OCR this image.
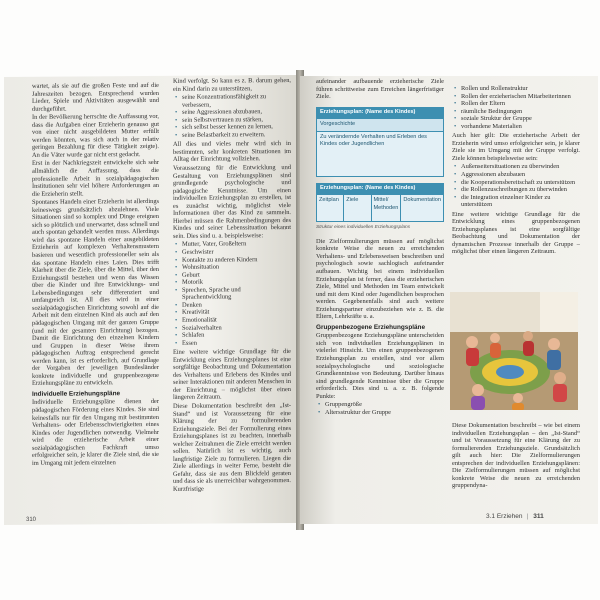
wartet, als sie auf die großen Feste und auf die Jahreszeiten bezogen. Entsprechend wurden Lieder, Spiele und Aktivitäten ausgewählt und durchgeführt.

In der Bevölkerung herrschte die Auffassung vor, dass die Aufgaben einer Erzieherin genauso gut von einer nicht ausgebildeten Mutter erfüllt werden könnten, was sich auch in der relativ geringen Bezahlung für diese Tätigkeit zeigte). An die Väter wurde gar nicht erst gedacht.

Erst in der Nachkriegszeit entwickelte sich sehr allmählich die Auffassung, dass die professionelle Arbeit in sozialpädagogischen Institutionen sehr viel höhere Anforderungen an die Erzieherin stellt.

Spontanes Handeln einer Erzieherin ist allerdings keineswegs grundsätzlich abzulehnen. Viele Situationen sind so komplex und Dinge ereignen sich so plötzlich und unerwartet, dass schnell und auch spontan gehandelt werden muss. Allerdings wird das spontane Handeln einer ausgebildeten Erzieherin auf komplexen Verhaltensmustern basieren und wesentlich professioneller sein als das spontane Handeln eines Laien. Dies trifft Klarheit über die Ziele, über die Mittel, über den Erziehungsstil bestehen und wenn das Wissen über die Kinder und ihre Entwicklungs- und Lebensbedingungen sehr differenziert und umfangreich ist. All dies wird in einer sozialpädagogischen Einrichtung sowohl auf die Arbeit mit dem einzelnen Kind als auch auf den pädagogischen Umgang mit der ganzen Gruppe (und mit der gesamten Einrichtung) bezogen. Damit die Einrichtung den einzelnen Kindern und Gruppen in dieser Weise ihrem pädagogischen Auftrag entsprechend gerecht werden kann, ist es erforderlich, auf Grundlage der Vorgaben der jeweiligen Bundesländer konkrete individuelle und gruppenbezogene Erziehungspläne zu entwickeln.

Individuelle Erziehungspläne

Individuelle Erziehungspläne dienen der pädagogischen Förderung eines Kindes. Sie sind keinesfalls nur für den Umgang mit bestimmten Verhaltens- oder Erlebensschwierigkeiten eines Kindes oder Jugendlichen notwendig. Vielmehr wird die erzieherische Arbeit einer sozialpädagogischen Fachkraft umso erfolgreicher sein, je klarer die Ziele sind, die sie im Umgang mit jedem einzelnen

Kind verfolgt. So kann es z. B. darum gehen, ein Kind darin zu unterstützen,

• seine Konzentrationsfähigkeit zu verbessern,
• seine Aggressionen abzubauen,
• sein Selbstvertrauen zu stärken,
• sich selbst besser kennen zu lernen,
• seine Belastbarkeit zu erweitern.

All dies und vieles mehr wird sich in bestimmten, sehr konkreten Situationen im Alltag der Einrichtung vollziehen.

Voraussetzung für die Entwicklung und Gestaltung von Erziehungsplänen sind grundlegende psychologische und pädagogische Kenntnisse. Um einen individuellen Erziehungsplan zu erstellen, ist es zunächst wichtig, möglichst viele Informationen über das Kind zu sammeln. Hierbei müssen die Rahmenbedingungen des Kindes und seiner Lebenssituation bekannt sein. Dies sind u. a. beispielsweise:

• Mutter, Vater, Großeltern
• Geschwister
• Kontakte zu anderen Kindern
• Wohnsituation
• Geburt
• Motorik
• Sprechen, Sprache und Sprachentwicklung
• Denken
• Kreativität
• Emotionalität
• Sozialverhalten
• Schlafen
• Essen

Eine weitere wichtige Grundlage für die Entwicklung eines Erziehungsplanes ist eine sorgfältige Beobachtung und Dokumentation des Verhaltens und Erlebens des Kindes und seiner Interaktionen mit anderen Menschen in der Einrichtung – möglichst über einen längeren Zeitraum.

Diese Dokumentation beschreibt den „Ist-Stand“ und ist Voraussetzung für eine Klärung der zu formulierenden Erziehungsziele. Bei der Formulierung eines Erziehungsplanes ist zu beachten, innerhalb welcher Zeitrahmen die Ziele erreicht werden sollen. Natürlich ist es wichtig, auch langfristige Ziele zu formulieren. Liegen die Ziele allerdings in weiter Ferne, besteht die Gefahr, dass sie aus dem Blickfeld geraten und dass sie als unerreichbar wahrgenommen. Kurzfristige

310

aufeinander aufbauende erzieherische Ziele führen schrittweise zum Erreichen längerfristiger Ziele.

Erziehungsplan: (Name des Kindes)
Vorgeschichte
Zu verändernde Verhalten und Erleben des Kindes oder Jugendlichen
Erziehungsplan: (Name des Kindes)
Zeitplan	Ziele	Mittel/ Methoden
Dokumentation
Struktur eines individuellen Erziehungsplans

Die Zielformulierungen müssen auf möglichst konkrete Weise die neuen zu erreichenden Verhaltens- und Erlebensweisen beschreiben und psychologisch sowie sachlogisch aufeinander aufbauen. Wichtig bei einem individuellen Erziehungsplan ist ferner, dass die erzieherischen Ziele, Mittel und Methoden im Team entwickelt und mit dem Kind oder Jugendlichen besprochen werden. Gegebenenfalls sind auch weitere Erziehungspartner einzubeziehen wie z. B. die Eltern, Lehrkräfte u. a.

Gruppenbezogene Erziehungspläne

Gruppenbezogene Erziehungspläne unterscheiden sich von individuellen Erziehungsplänen in vielerlei Hinsicht. Um einen gruppenbezogenen Erziehungsplan zu erstellen, sind vor allem sozialpsychologische und soziologische Grundkenntnisse von Bedeutung. Darüber hinaus sind grundlegende Kenntnisse über die Gruppe erforderlich. Dies sind u. a. z. B. folgende Punkte:

• Gruppengröße
• Altersstruktur der Gruppe
• Rollen und Rollenstruktur
• Rollen der erzieherischen Mitarbeiterinnen
• Rollen der Eltern
• räumliche Bedingungen
• soziale Struktur der Gruppe
• vorhandene Materialien

Auch hier gilt: Die erzieherische Arbeit der Erzieherin wird umso erfolgreicher sein, je klarer Ziele sie im Umgang mit der Gruppe verfolgt. Ziele können beispielsweise sein:

• Außenseitersituationen zu überwinden
• Aggressionen abzubauen
• die Kooperationsbereitschaft zu unterstützen
• die Rollenzuschreibungen zu überwinden
• die Integration einzelner Kinder zu unterstützen

Eine weitere wichtige Grundlage für die Entwicklung eines gruppenbezogenen Erziehungsplanes ist eine sorgfältige Beobachtung und Dokumentation der dynamischen Prozesse innerhalb der Gruppe – möglichst über einen längeren Zeitraum.

Diese Dokumentation beschreibt – wie bei einem individuellen Erziehungsplan – den „Ist-Stand“ und ist Voraussetzung für eine Klärung der zu formulierenden Erziehungsziele. Grundsätzlich gilt auch hier: Die Zielformulierungen entsprechen der individuellen Erziehungsplänen: Die Zielformulierungen müssen auf möglichst konkrete Weise die neuen zu erreichenden gruppendyna-

3.1 Erziehen | 311
